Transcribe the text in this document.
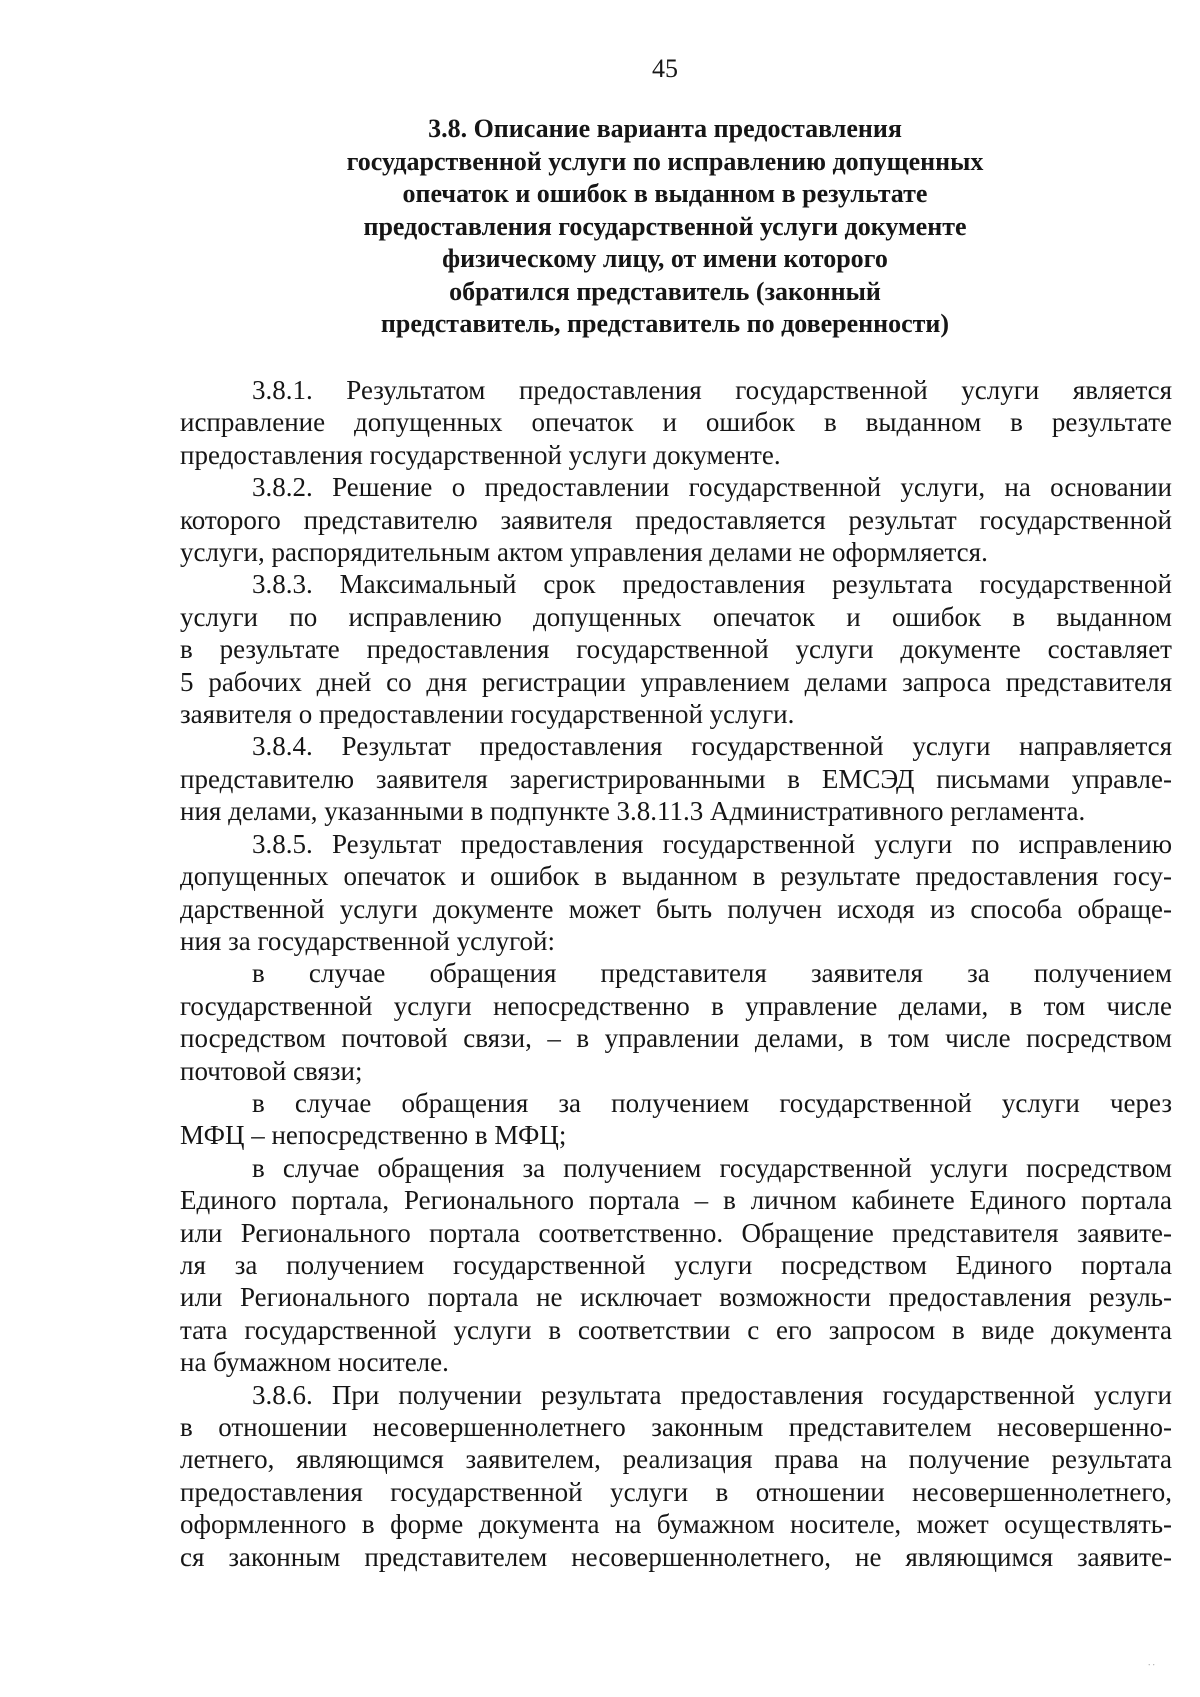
45
3.8. Описание варианта предоставления
государственной услуги по исправлению допущенных
опечаток и ошибок в выданном в результате
предоставления государственной услуги документе
физическому лицу, от имени которого
обратился представитель (законный
представитель, представитель по доверенности)

3.8.1. Результатом предоставления государственной услуги является
исправление допущенных опечаток и ошибок в выданном в результате
предоставления государственной услуги документе.

3.8.2. Решение о предоставлении государственной услуги, на основании
которого представителю заявителя предоставляется результат государственной
услуги, распорядительным актом управления делами не оформляется.

3.8.3. Максимальный срок предоставления результата государственной
услуги по исправлению допущенных опечаток и ошибок в выданном
в результате предоставления государственной услуги документе составляет
5 рабочих дней со дня регистрации управлением делами запроса представителя
заявителя о предоставлении государственной услуги.

3.8.4. Результат предоставления государственной услуги направляется
представителю заявителя зарегистрированными в ЕМСЭД письмами управле-
ния делами, указанными в подпункте 3.8.11.3 Административного регламента.

3.8.5. Результат предоставления государственной услуги по исправлению
допущенных опечаток и ошибок в выданном в результате предоставления госу-
дарственной услуги документе может быть получен исходя из способа обраще-
ния за государственной услугой:

в случае обращения представителя заявителя за получением
государственной услуги непосредственно в управление делами, в том числе
посредством почтовой связи, – в управлении делами, в том числе посредством
почтовой связи;

в случае обращения за получением государственной услуги через
МФЦ – непосредственно в МФЦ;

в случае обращения за получением государственной услуги посредством
Единого портала, Регионального портала – в личном кабинете Единого портала
или Регионального портала соответственно. Обращение представителя заявите-
ля за получением государственной услуги посредством Единого портала
или Регионального портала не исключает возможности предоставления резуль-
тата государственной услуги в соответствии с его запросом в виде документа
на бумажном носителе.

3.8.6. При получении результата предоставления государственной услуги
в отношении несовершеннолетнего законным представителем несовершенно-
летнего, являющимся заявителем, реализация права на получение результата
предоставления государственной услуги в отношении несовершеннолетнего,
оформленного в форме документа на бумажном носителе, может осуществлять-
ся законным представителем несовершеннолетнего, не являющимся заявите-

∙∙
